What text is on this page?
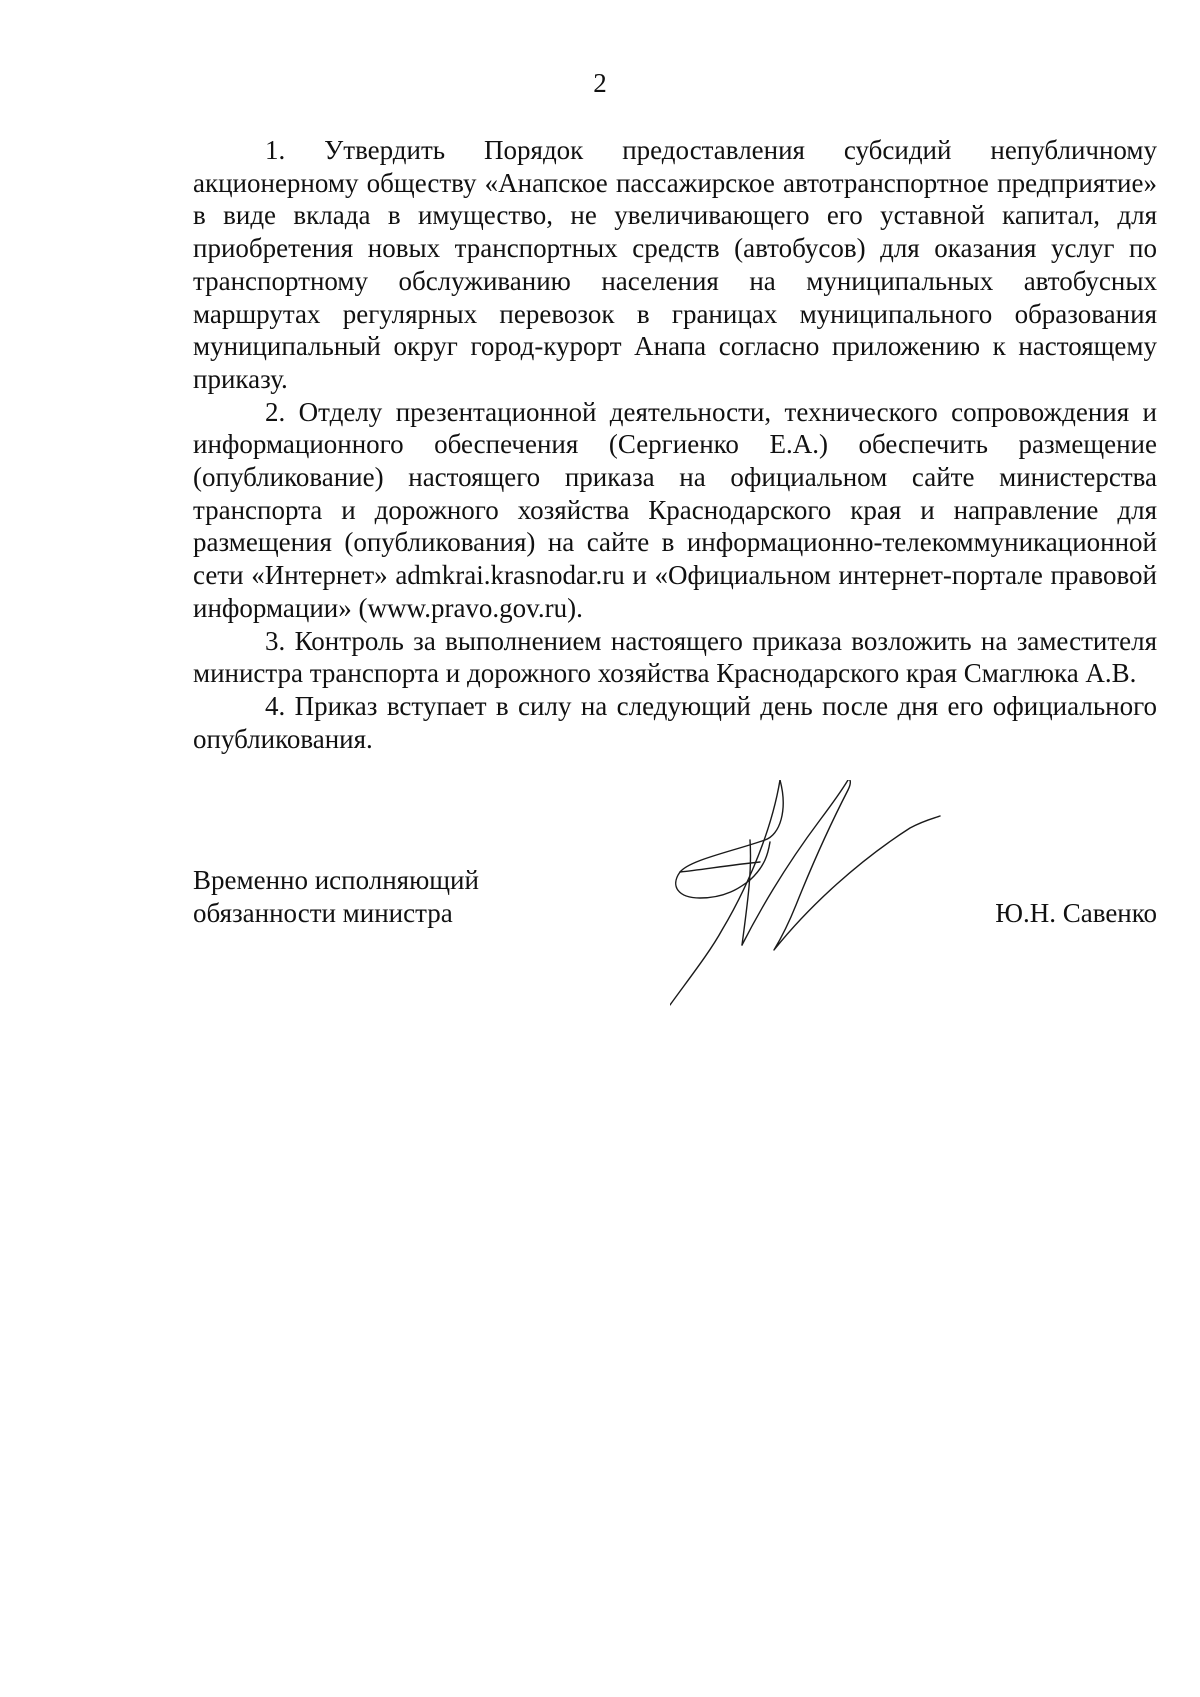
2

1. Утвердить Порядок предоставления субсидий непубличному акционерному обществу «Анапское пассажирское автотранспортное предприятие» в виде вклада в имущество, не увеличивающего его уставной капитал, для приобретения новых транспортных средств (автобусов) для оказания услуг по транспортному обслуживанию населения на муниципальных автобусных маршрутах регулярных перевозок в границах муниципального образования муниципальный округ город-курорт Анапа согласно приложению к настоящему приказу.

2. Отделу презентационной деятельности, технического сопровождения и информационного обеспечения (Сергиенко Е.А.) обеспечить размещение (опубликование) настоящего приказа на официальном сайте министерства транспорта и дорожного хозяйства Краснодарского края и направление для размещения (опубликования) на сайте в информационно-телекоммуникационной сети «Интернет» admkrai.krasnodar.ru и «Официальном интернет-портале правовой информации» (www.pravo.gov.ru).

3. Контроль за выполнением настоящего приказа возложить на заместителя министра транспорта и дорожного хозяйства Краснодарского края Смаглюка А.В.

4. Приказ вступает в силу на следующий день после дня его официального опубликования.

Временно исполняющий
обязанности министра	Ю.Н. Савенко
